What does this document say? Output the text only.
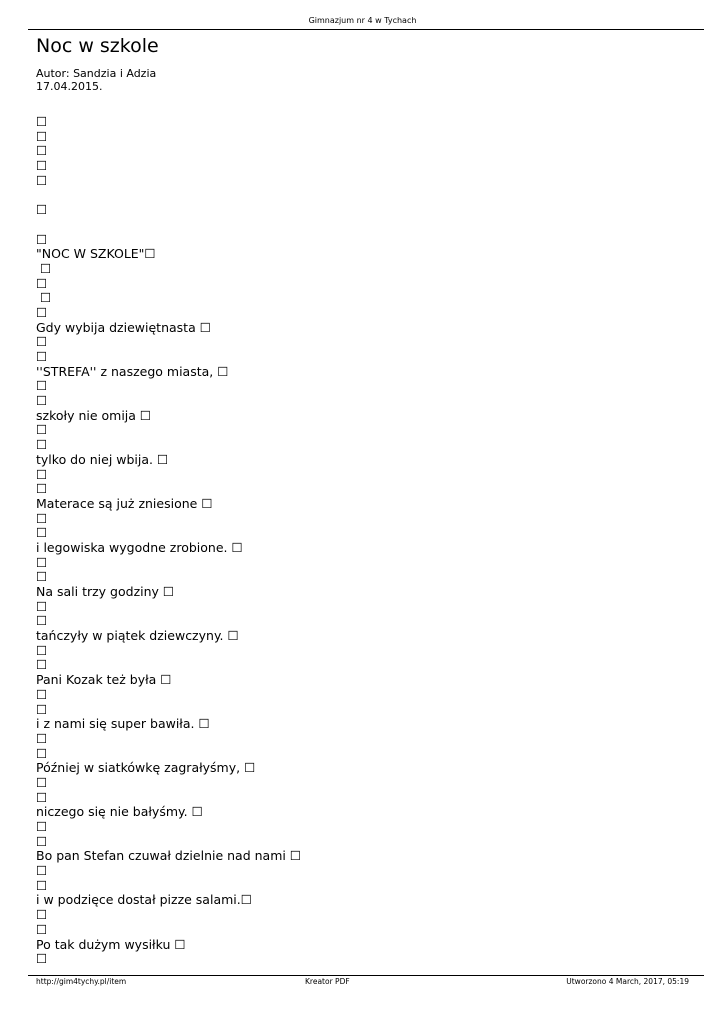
Gimnazjum nr 4 w Tychach
Noc w szkole
Autor: Sandzia i Adzia
17.04.2015.
☐
☐
☐
☐
☐
☐
☐
"NOC W SZKOLE"☐
☐
☐
☐
☐
Gdy wybija dziewiętnasta ☐
☐
☐
''STREFA'' z naszego miasta, ☐
☐
☐
szkoły nie omija ☐
☐
☐
tylko do niej wbija. ☐
☐
☐
Materace są już zniesione ☐
☐
☐
i legowiska wygodne zrobione. ☐
☐
☐
Na sali trzy godziny ☐
☐
☐
tańczyły w piątek dziewczyny. ☐
☐
☐
Pani Kozak też była ☐
☐
☐
i z nami się super bawiła. ☐
☐
☐
Później w siatkówkę zagrałyśmy, ☐
☐
☐
niczego się nie bałyśmy. ☐
☐
☐
Bo pan Stefan czuwał dzielnie nad nami ☐
☐
☐
i w podzięce dostał pizze salami.☐
☐
☐
Po tak dużym wysiłku ☐
☐
http://gim4tychy.pl/item	Kreator PDF	Utworzono 4 March, 2017, 05:19
